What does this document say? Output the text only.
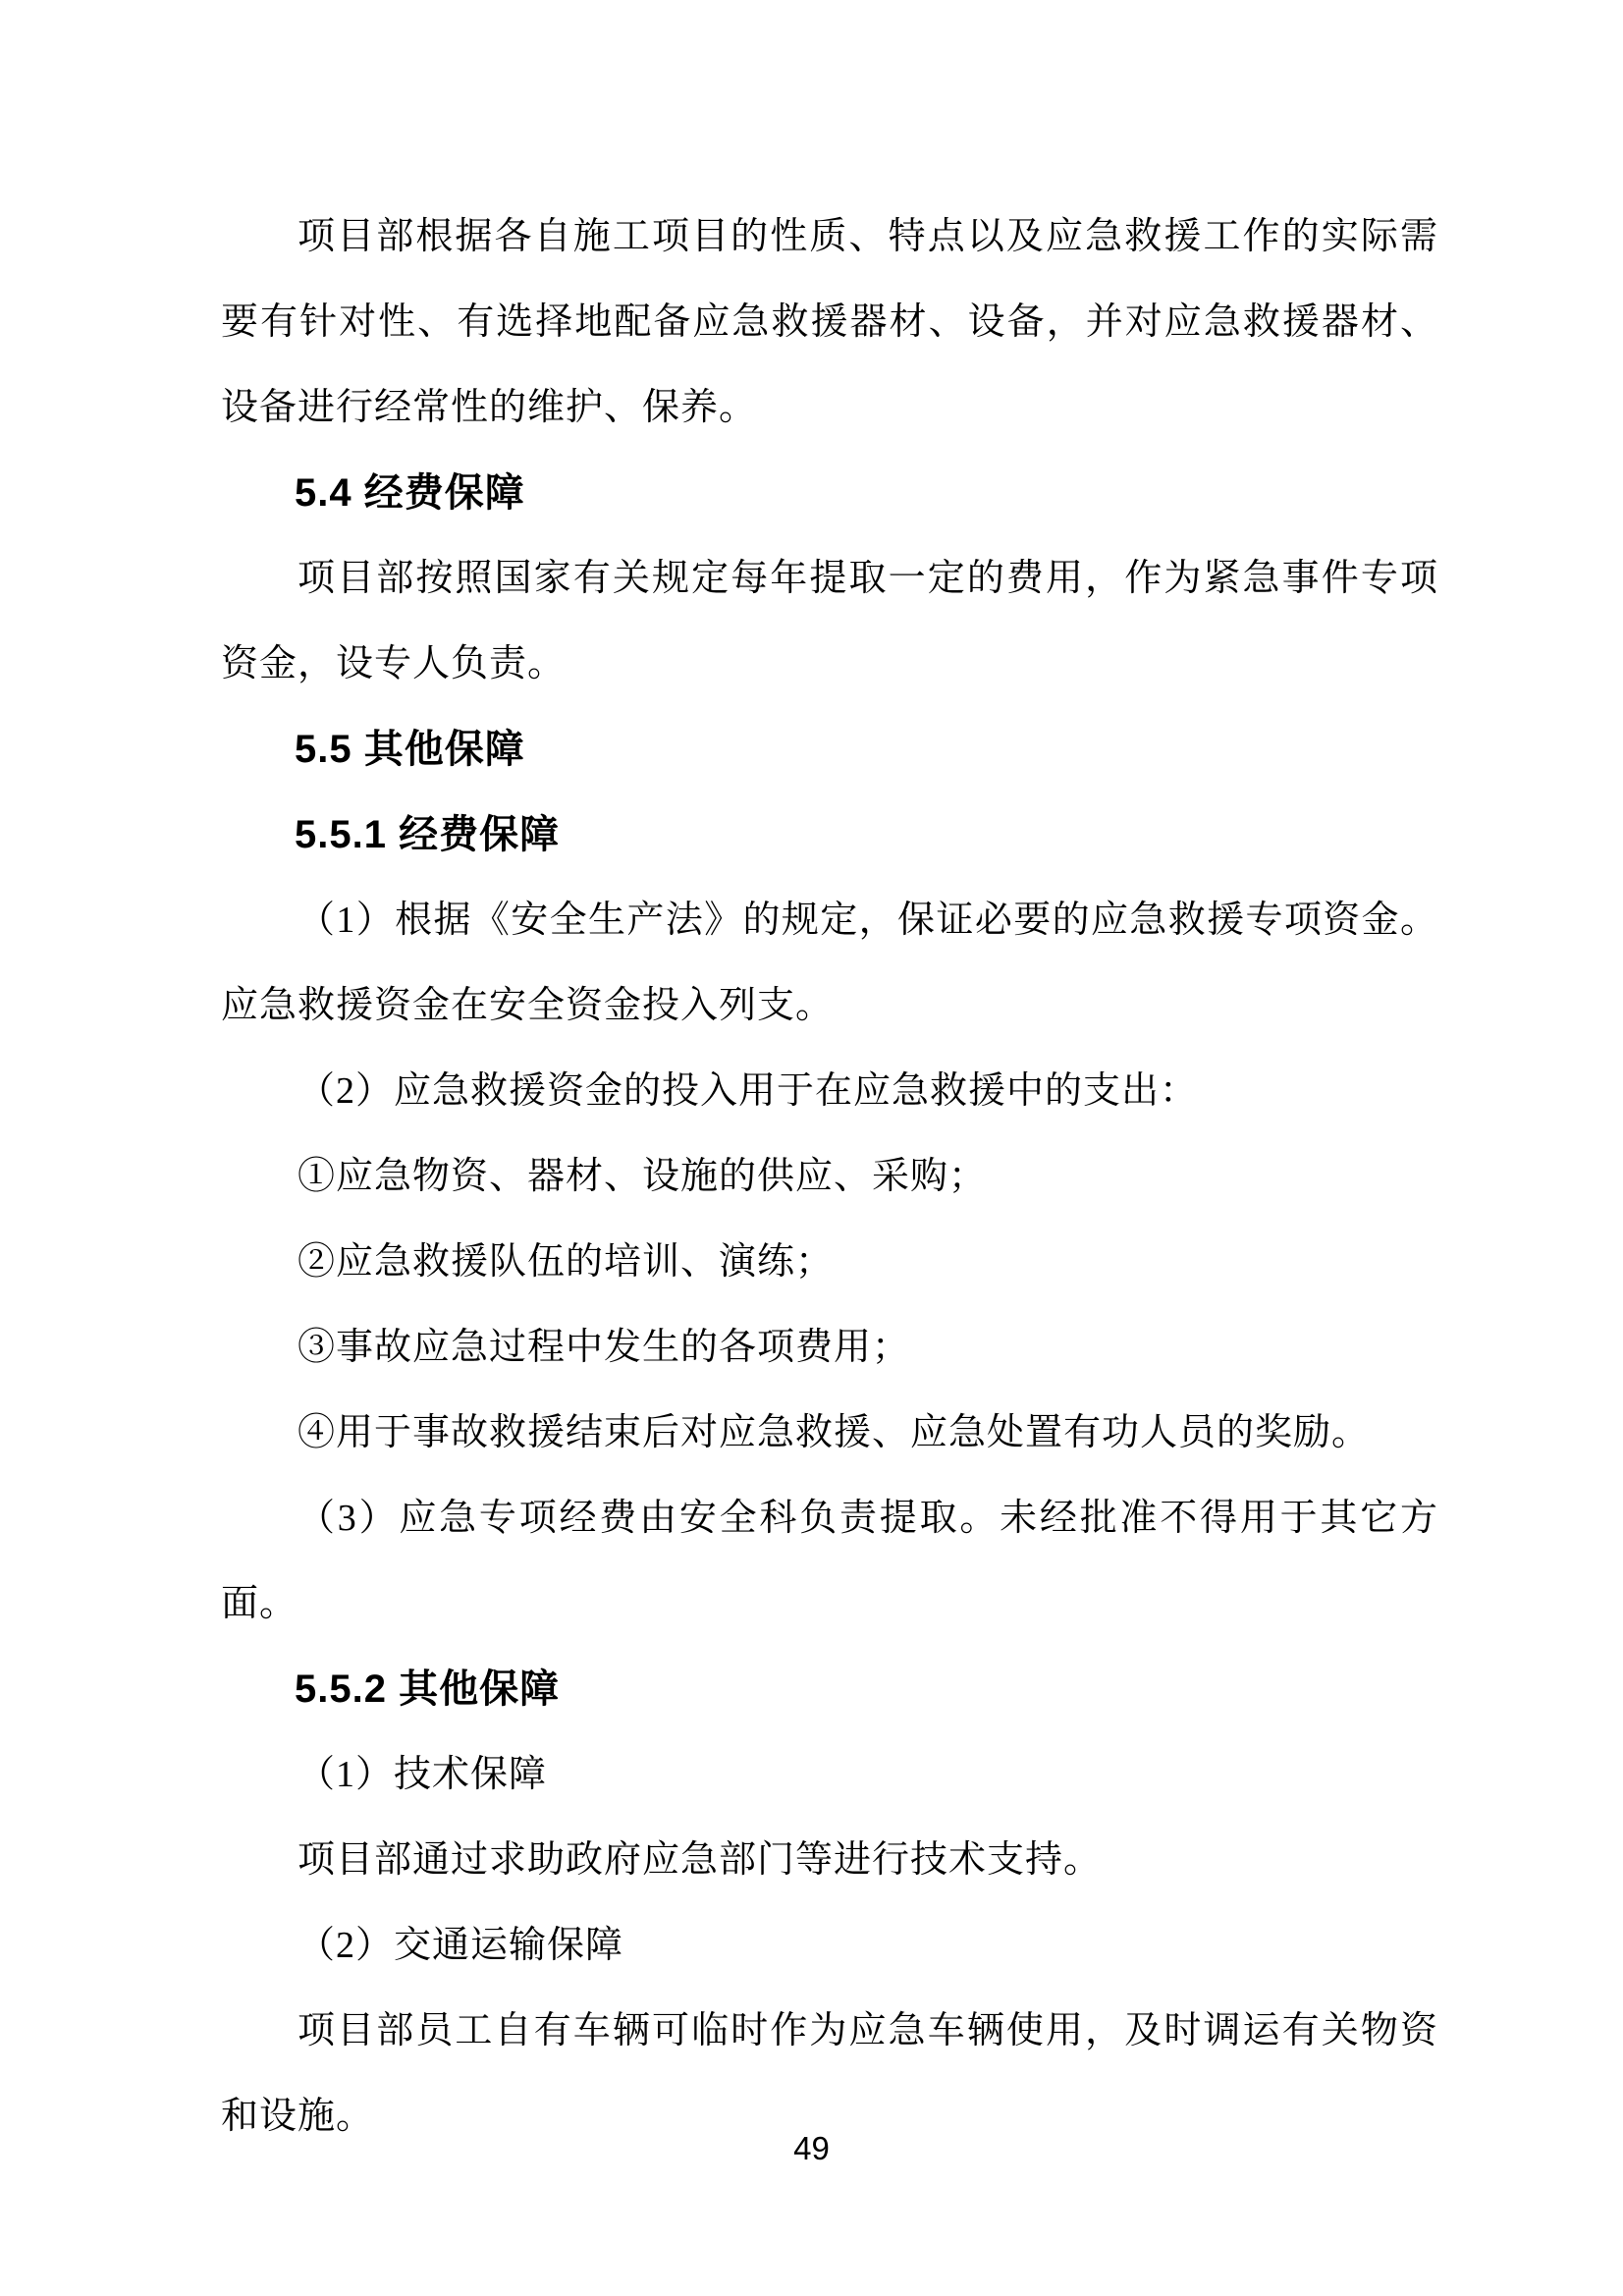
项目部根据各自施工项目的性质、特点以及应急救援工作的实际需要有针对性、有选择地配备应急救援器材、设备，并对应急救援器材、设备进行经常性的维护、保养。

5.4 经费保障

项目部按照国家有关规定每年提取一定的费用，作为紧急事件专项资金，设专人负责。

5.5 其他保障
5.5.1 经费保障

（1）根据《安全生产法》的规定，保证必要的应急救援专项资金。应急救援资金在安全资金投入列支。

（2）应急救援资金的投入用于在应急救援中的支出：

①应急物资、器材、设施的供应、采购；

②应急救援队伍的培训、演练；

③事故应急过程中发生的各项费用；

④用于事故救援结束后对应急救援、应急处置有功人员的奖励。

（3）应急专项经费由安全科负责提取。未经批准不得用于其它方面。

5.5.2 其他保障

（1）技术保障

项目部通过求助政府应急部门等进行技术支持。

（2）交通运输保障

项目部员工自有车辆可临时作为应急车辆使用，及时调运有关物资和设施。

49
